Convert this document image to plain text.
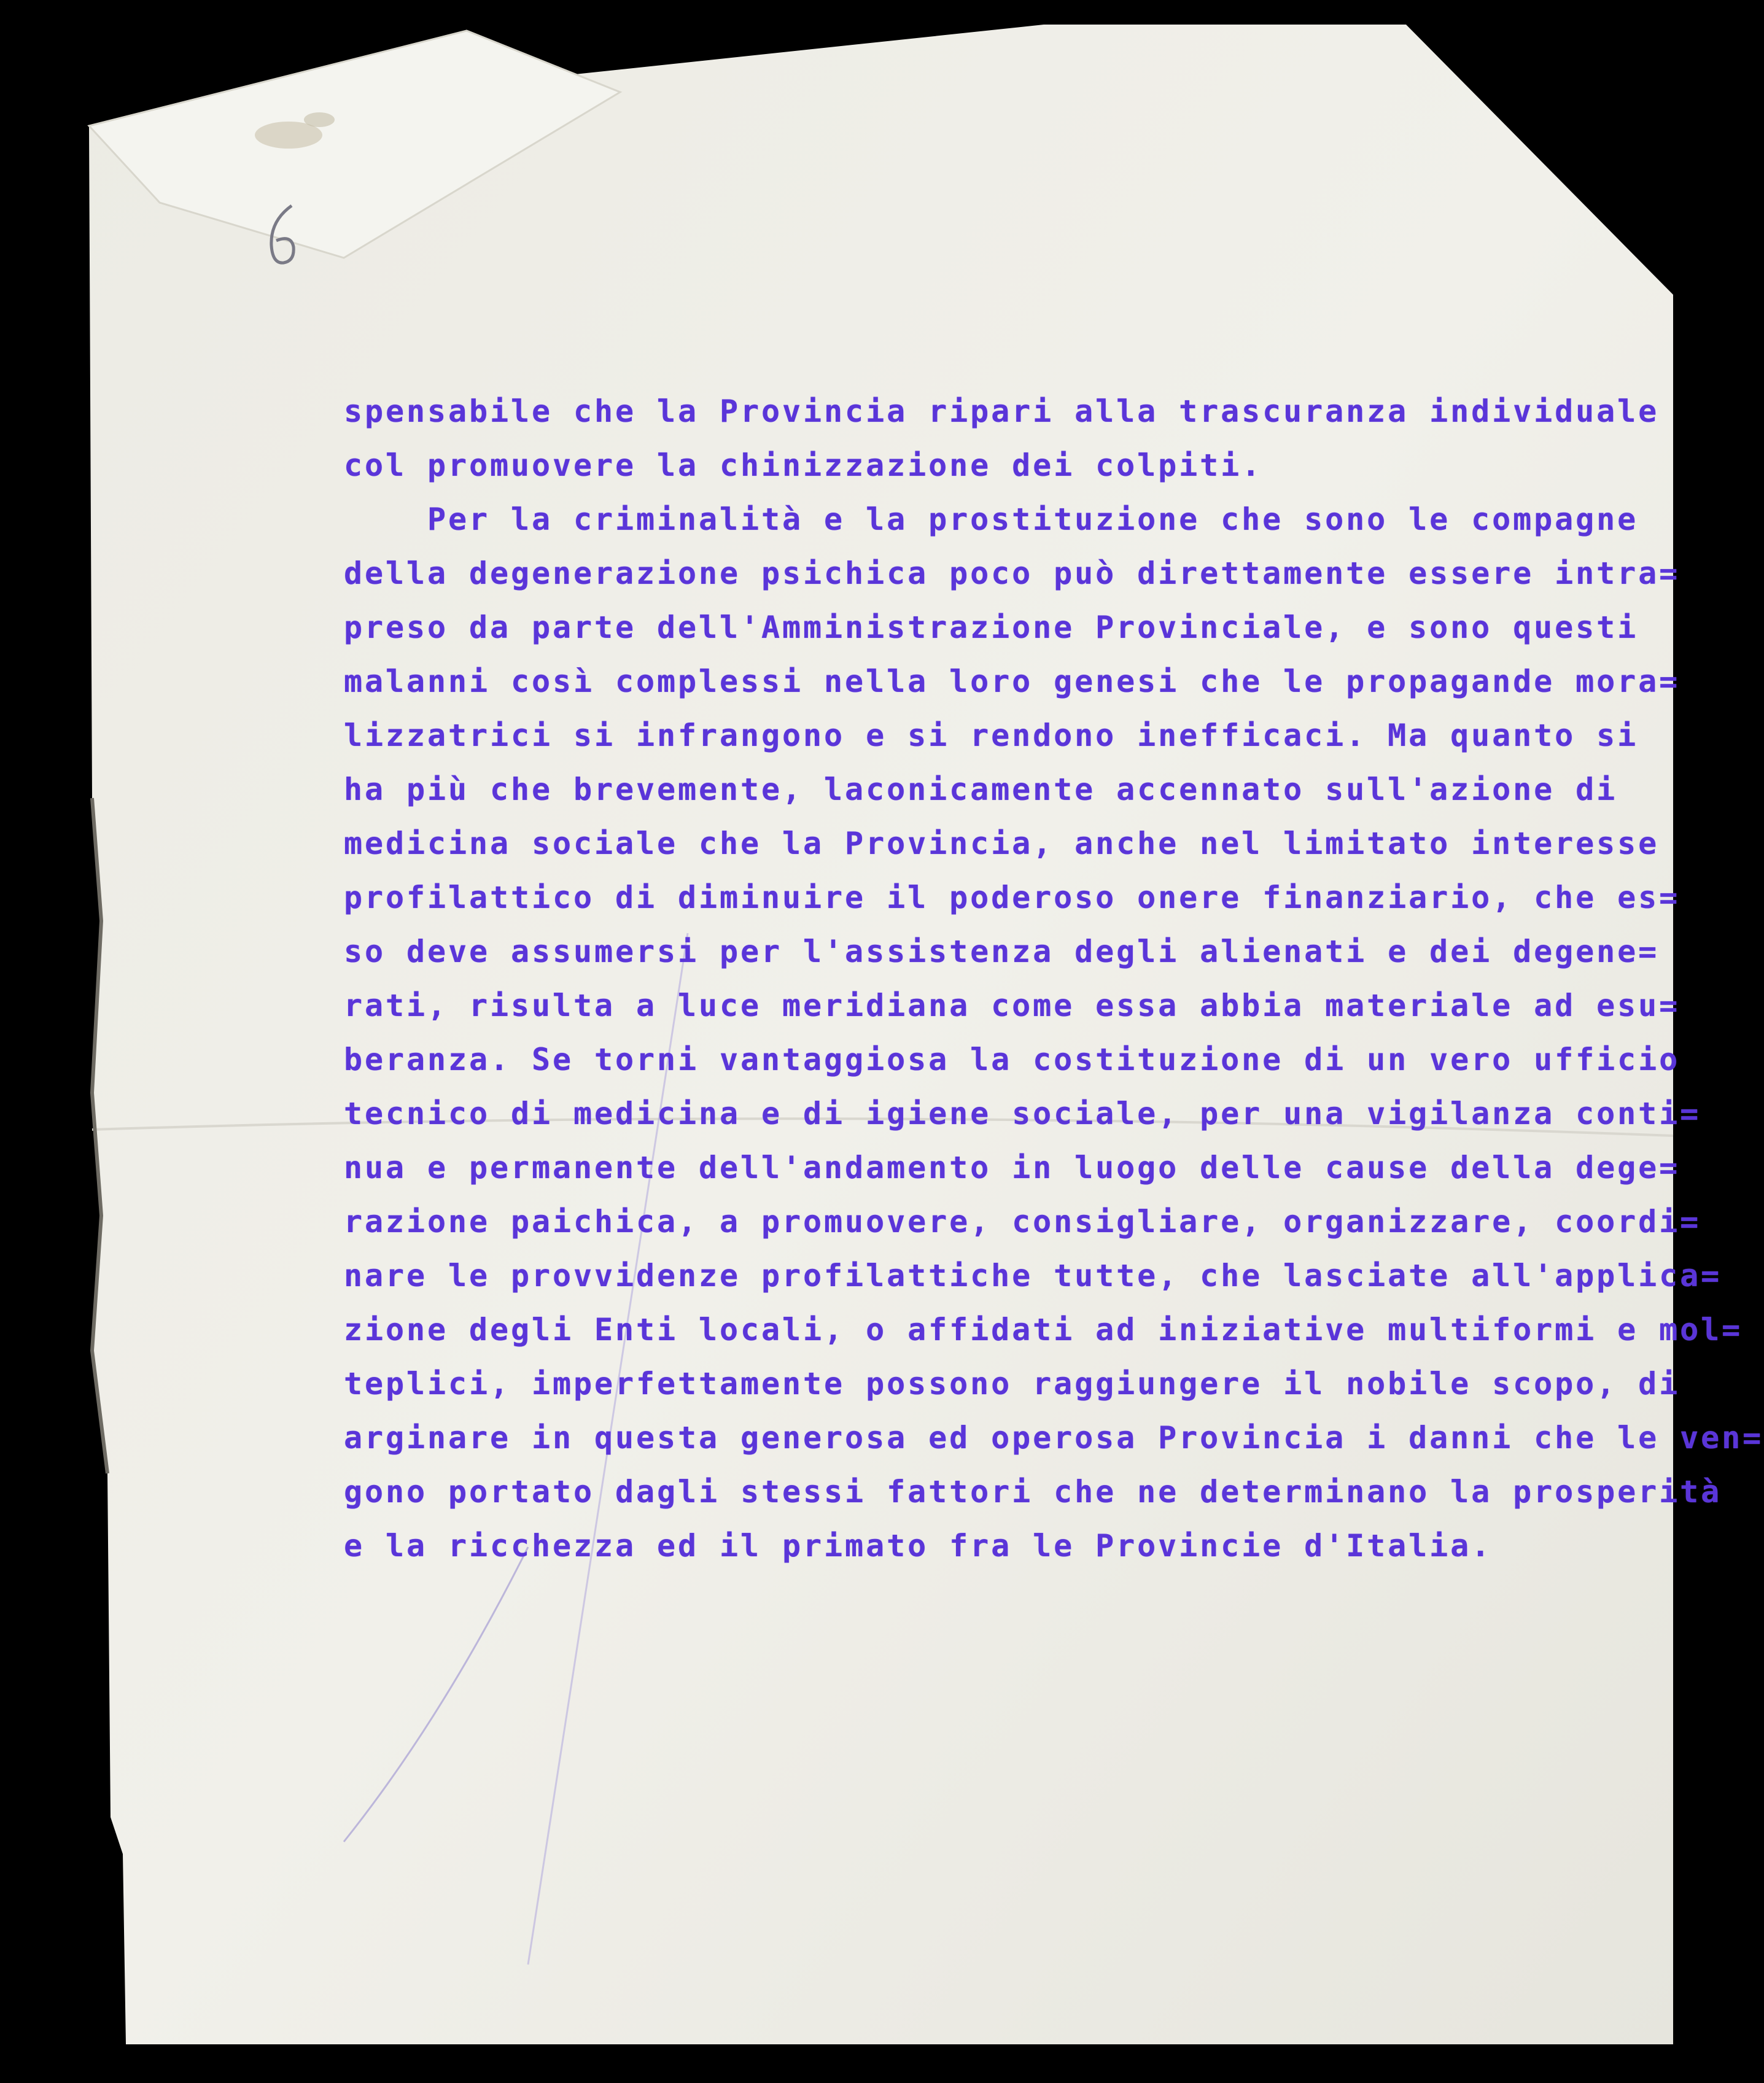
spensabile che la Provincia ripari alla trascuranza individuale
col promuovere la chinizzazione dei colpiti.
Per la criminalità e la prostituzione che sono le compagne
della degenerazione psichica poco può direttamente essere intra=
preso da parte dell'Amministrazione Provinciale, e sono questi
malanni così complessi nella loro genesi che le propagande mora=
lizzatrici si infrangono e si rendono inefficaci. Ma quanto si
ha più che brevemente, laconicamente accennato sull'azione di
medicina sociale che la Provincia, anche nel limitato interesse
profilattico di diminuire il poderoso onere finanziario, che es=
so deve assumersi per l'assistenza degli alienati e dei degene=
rati, risulta a luce meridiana come essa abbia materiale ad esu=
beranza. Se torni vantaggiosa la costituzione di un vero ufficio
tecnico di medicina e di igiene sociale, per una vigilanza conti=
nua e permanente dell'andamento in luogo delle cause della dege=
razione paichica, a promuovere, consigliare, organizzare, coordi=
nare le provvidenze profilattiche tutte, che lasciate all'applica=
zione degli Enti locali, o affidati ad iniziative multiformi e mol=
teplici, imperfettamente possono raggiungere il nobile scopo, di
arginare in questa generosa ed operosa Provincia i danni che le ven=
gono portato dagli stessi fattori che ne determinano la prosperità
e la ricchezza ed il primato fra le Provincie d'Italia.
